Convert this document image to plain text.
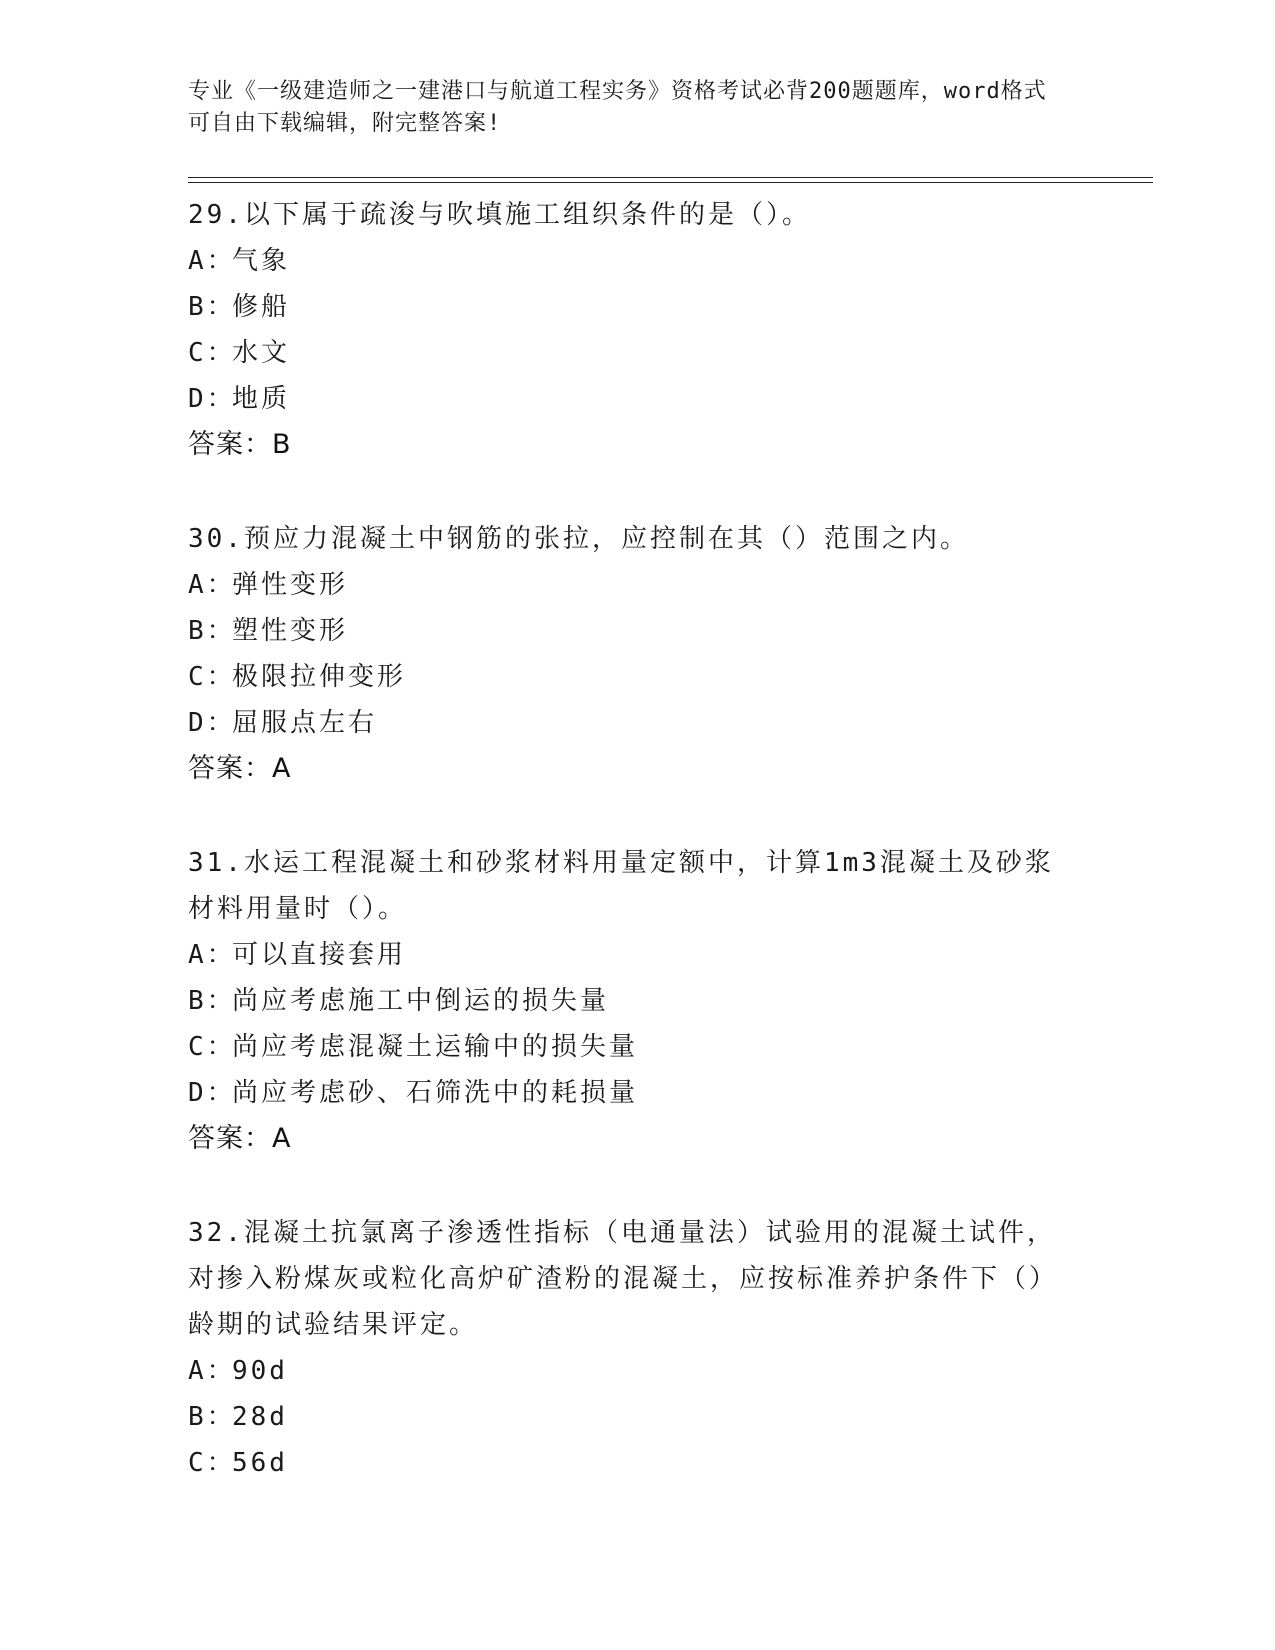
专业《一级建造师之一建港口与航道工程实务》资格考试必背200题题库，word格式可自由下载编辑，附完整答案!
29.以下属于疏浚与吹填施工组织条件的是（）。
A：气象
B：修船
C：水文
D：地质
答案：B
30.预应力混凝土中钢筋的张拉，应控制在其（）范围之内。
A：弹性变形
B：塑性变形
C：极限拉伸变形
D：屈服点左右
答案：A
31.水运工程混凝土和砂浆材料用量定额中，计算1m3混凝土及砂浆材料用量时（）。
A：可以直接套用
B：尚应考虑施工中倒运的损失量
C：尚应考虑混凝土运输中的损失量
D：尚应考虑砂、石筛洗中的耗损量
答案：A
32.混凝土抗氯离子渗透性指标（电通量法）试验用的混凝土试件，对掺入粉煤灰或粒化高炉矿渣粉的混凝土，应按标准养护条件下（）龄期的试验结果评定。
A：90d
B：28d
C：56d
